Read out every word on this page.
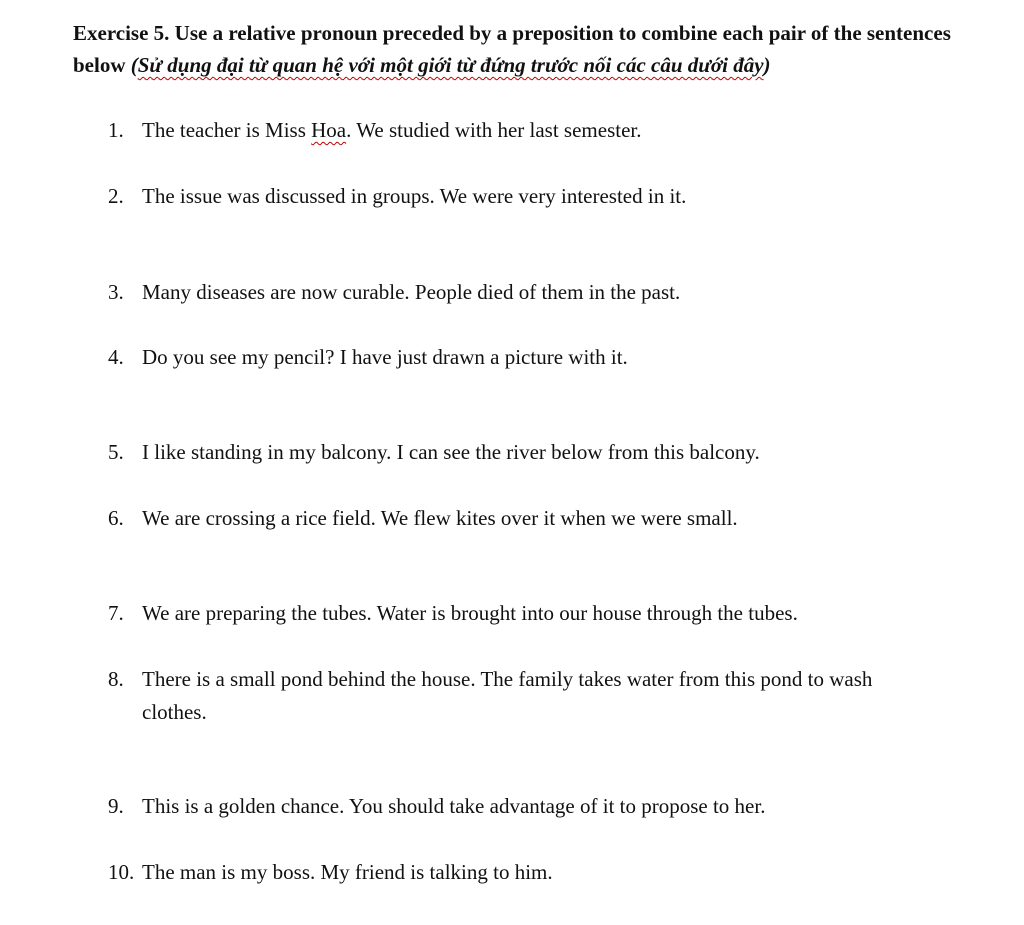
Exercise 5. Use a relative pronoun preceded by a preposition to combine each pair of the sentences below (Sử dụng đại từ quan hệ với một giới từ đứng trước nối các câu dưới đây)
1. The teacher is Miss Hoa. We studied with her last semester.
2. The issue was discussed in groups. We were very interested in it.
3. Many diseases are now curable. People died of them in the past.
4. Do you see my pencil? I have just drawn a picture with it.
5. I like standing in my balcony. I can see the river below from this balcony.
6. We are crossing a rice field. We flew kites over it when we were small.
7. We are preparing the tubes. Water is brought into our house through the tubes.
8. There is a small pond behind the house. The family takes water from this pond to wash clothes.
9. This is a golden chance. You should take advantage of it to propose to her.
10. The man is my boss. My friend is talking to him.
